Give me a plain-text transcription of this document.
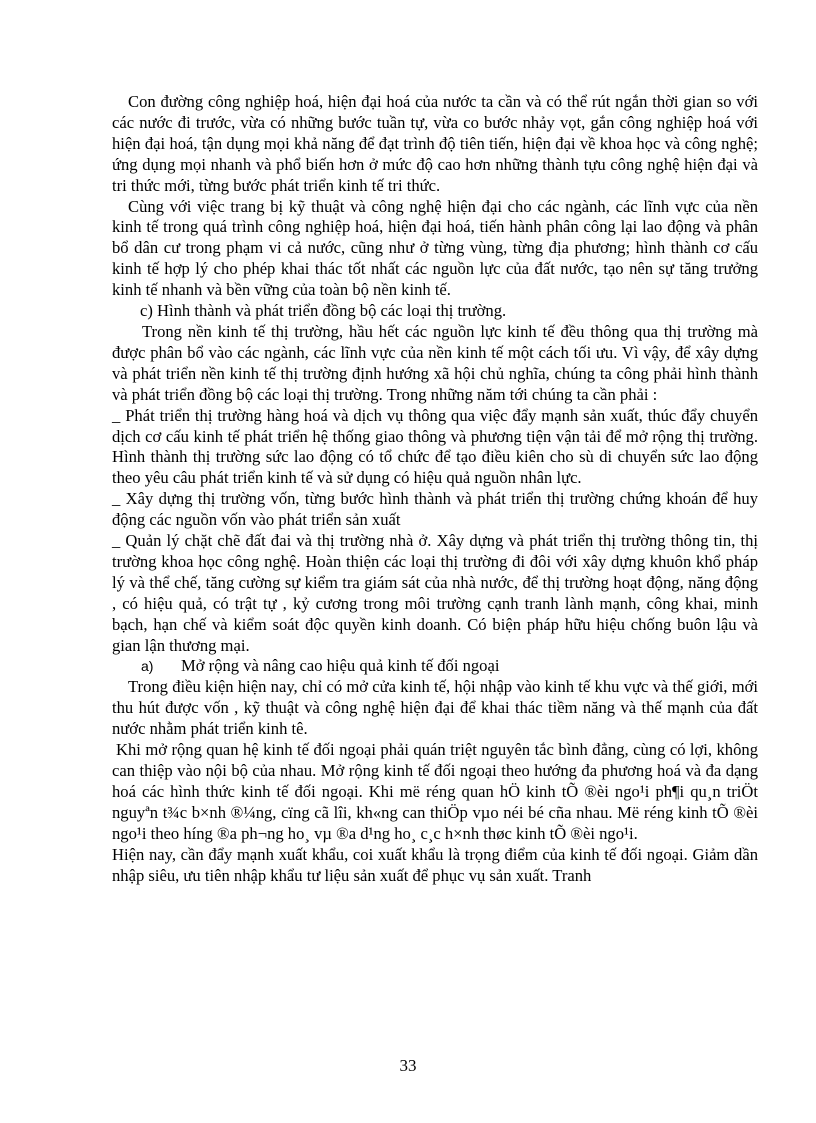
Con đường công nghiệp hoá, hiện đại hoá của nước ta cần và có thể rút ngắn thời gian so với các nước đi trước, vừa có những bước tuần tự, vừa co bước nhảy vọt, gắn công nghiệp hoá với hiện đại hoá, tận dụng mọi khả năng để đạt trình độ tiên tiến, hiện đại về khoa học và công nghệ; ứng dụng mọi nhanh và phổ biến hơn ở mức độ cao hơn những thành tựu công nghệ hiện đại và tri thức mới, từng bước phát triển kinh tế tri thức.

Cùng với việc trang bị kỹ thuật và công nghệ hiện đại cho các ngành, các lĩnh vực của nền kinh tế trong quá trình công nghiệp hoá, hiện đại hoá, tiến hành phân công lại lao động và phân bổ dân cư trong phạm vi cả nước, cũng như ở từng vùng, từng địa phương; hình thành cơ cấu kinh tế hợp lý cho phép khai thác tốt nhất các nguồn lực của đất nước, tạo nên sự tăng trưởng kinh tế nhanh và bền vững của toàn bộ nền kinh tế.

c) Hình thành và phát triển đồng bộ các loại thị trường.

Trong nền kinh tế thị trường, hầu hết các nguồn lực kinh tế đều thông qua thị trường mà được phân bổ vào các ngành, các lĩnh vực của nền kinh tế một cách tối ưu. Vì vậy, để xây dựng và phát triển nền kinh tế thị trường định hướng xã hội chủ nghĩa, chúng ta công phải hình thành và phát triển đồng bộ các loại thị trường. Trong những năm tới chúng ta cần phải :

_ Phát triển thị trường hàng hoá và dịch vụ thông qua việc đẩy mạnh sản xuất, thúc đẩy chuyển dịch cơ cấu kinh tế phát triển hệ thống giao thông và phương tiện vận tải để mở rộng thị trường. Hình thành thị trường sức lao động có tổ chức để tạo điều kiên cho sù di chuyển sức lao động theo yêu câu phát triển kinh tế và sử dụng có hiệu quả nguồn nhân lực.

_ Xây dựng thị trường vốn, từng bước hình thành và phát triển thị trường chứng khoán để huy động các nguồn vốn vào phát triển sản xuất

_ Quản lý chặt chẽ đất đai và thị trường nhà ở. Xây dựng và phát triển thị trường thông tin, thị trường khoa học công nghệ. Hoàn thiện các loại thị trường đi đôi với xây dựng khuôn khổ pháp lý và thể chế, tăng cường sự kiểm tra giám sát của nhà nước, để thị trường hoạt động, năng động , có hiệu quả, có trật tự , kỷ cương trong môi trường cạnh tranh lành mạnh, công khai, minh bạch, hạn chế và kiểm soát độc quyền kinh doanh. Có biện pháp hữu hiệu chống buôn lậu và gian lận thương mại.

a) Mở rộng và nâng cao hiệu quả kinh tế đối ngoại

Trong điều kiện hiện nay, chỉ có mở cửa kinh tế, hội nhập vào kinh tế khu vực và thế giới, mới thu hút được vốn , kỹ thuật và công nghệ hiện đại để khai thác tiềm năng và thế mạnh của đất nước nhằm phát triển kinh tê.

Khi mở rộng quan hệ kinh tế đối ngoại phải quán triệt nguyên tắc bình đẳng, cùng có lợi, không can thiệp vào nội bộ của nhau. Mở rộng kinh tế đối ngoại theo hướng đa phương hoá và đa dạng hoá các hình thức kinh tế đối ngoại. Khi më réng quan hÖ kinh tÕ ®èi ngo¹i ph¶i qu¸n triÖt nguyªn t¾c b×nh ®¼ng, cïng cã lîi, kh«ng can thiÖp vµo néi bé cña nhau. Më réng kinh tÕ ®èi ngo¹i theo híng ®a ph¬ng ho¸ vµ ®a d¹ng ho¸ c¸c h×nh thøc kinh tÕ ®èi ngo¹i.

Hiện nay, cần đẩy mạnh xuất khẩu, coi xuất khẩu là trọng điểm của kinh tế đối ngoại. Giảm dần nhập siêu, ưu tiên nhập khẩu tư liệu sản xuất để phục vụ sản xuất. Tranh

33
